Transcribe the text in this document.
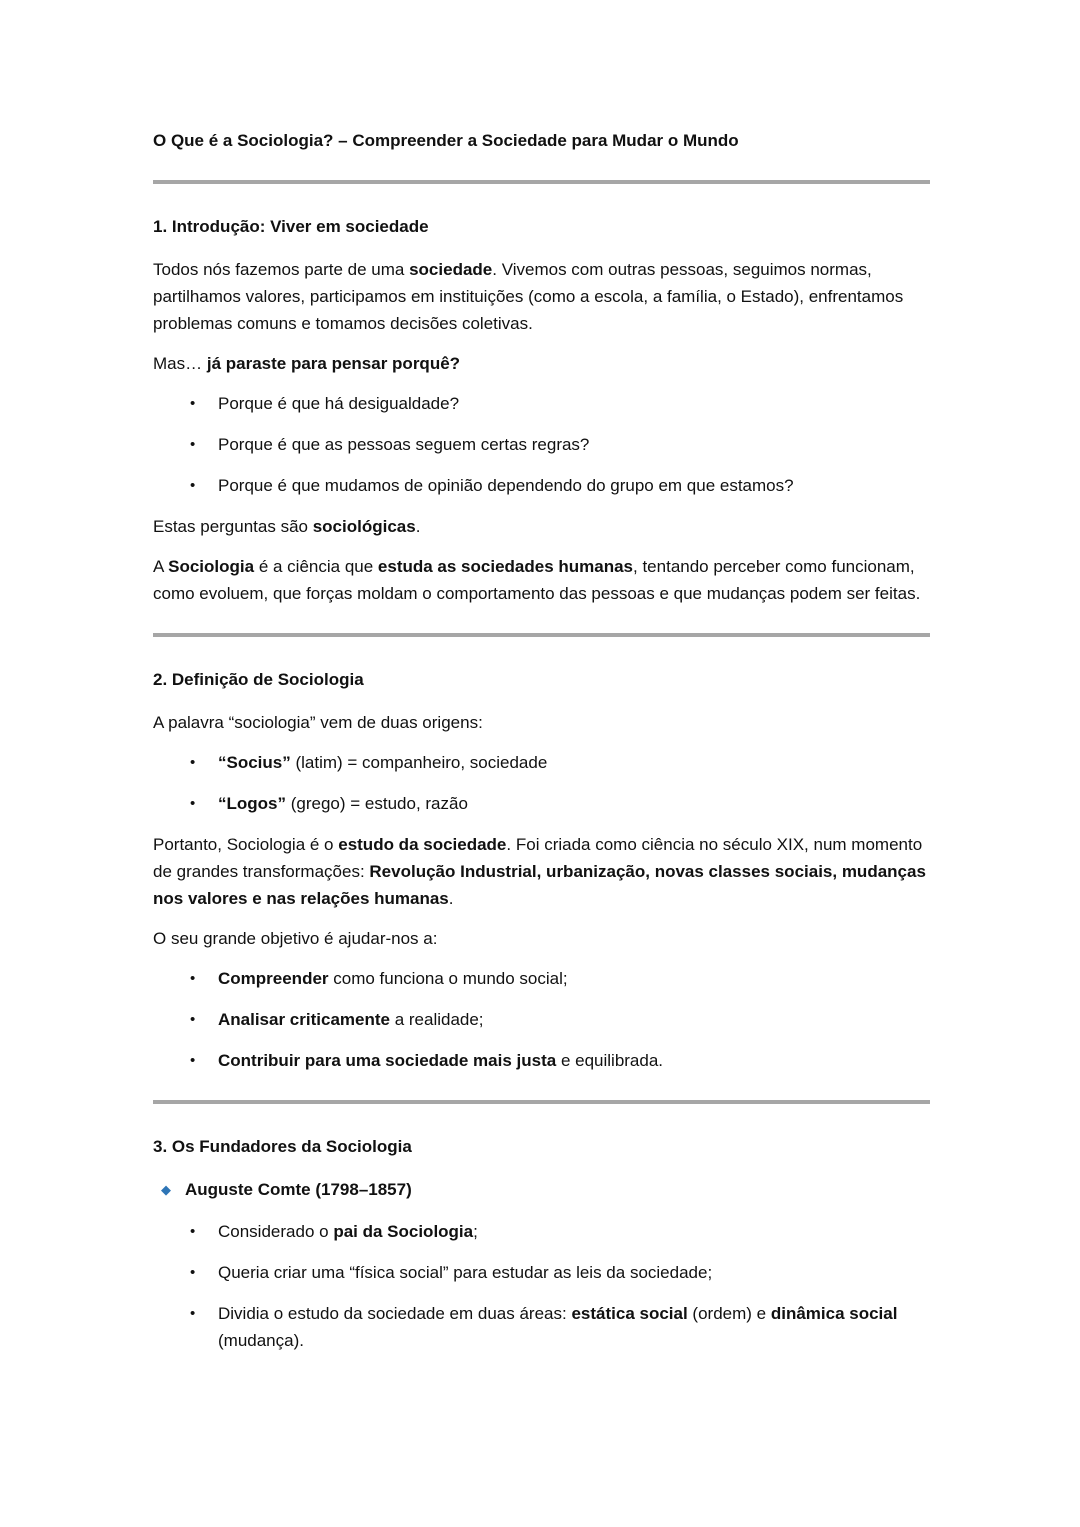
O Que é a Sociologia? – Compreender a Sociedade para Mudar o Mundo
1. Introdução: Viver em sociedade

Todos nós fazemos parte de uma sociedade. Vivemos com outras pessoas, seguimos normas, partilhamos valores, participamos em instituições (como a escola, a família, o Estado), enfrentamos problemas comuns e tomamos decisões coletivas.

Mas… já paraste para pensar porquê?

•	Porque é que há desigualdade?
•	Porque é que as pessoas seguem certas regras?
•	Porque é que mudamos de opinião dependendo do grupo em que estamos?

Estas perguntas são sociológicas.

A Sociologia é a ciência que estuda as sociedades humanas, tentando perceber como funcionam, como evoluem, que forças moldam o comportamento das pessoas e que mudanças podem ser feitas.

2. Definição de Sociologia

A palavra “sociologia” vem de duas origens:

•	“Socius” (latim) = companheiro, sociedade
•	“Logos” (grego) = estudo, razão

Portanto, Sociologia é o estudo da sociedade. Foi criada como ciência no século XIX, num momento de grandes transformações: Revolução Industrial, urbanização, novas classes sociais, mudanças nos valores e nas relações humanas.

O seu grande objetivo é ajudar-nos a:

•	Compreender como funciona o mundo social;
•	Analisar criticamente a realidade;
•	Contribuir para uma sociedade mais justa e equilibrada.
3. Os Fundadores da Sociologia
◆ Auguste Comte (1798–1857)
•	Considerado o pai da Sociologia;
•	Queria criar uma “física social” para estudar as leis da sociedade;
•	Dividia o estudo da sociedade em duas áreas: estática social (ordem) e dinâmica social (mudança).
